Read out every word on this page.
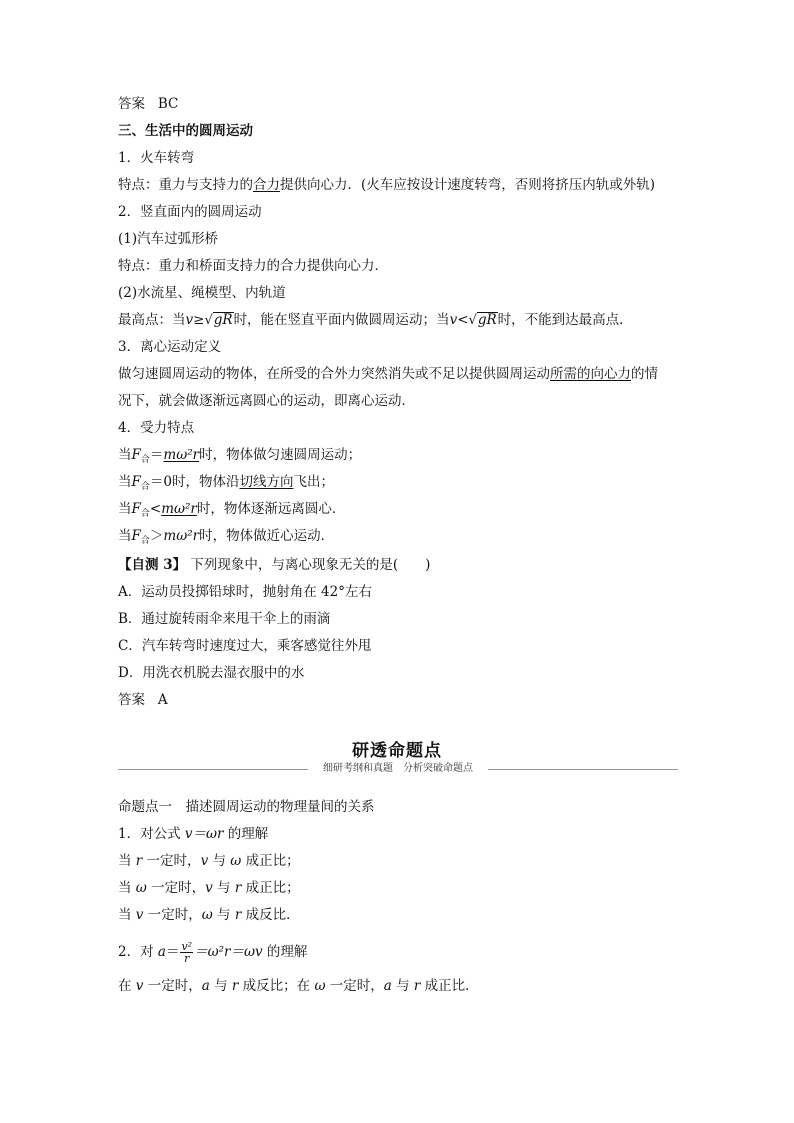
答案 BC

三、生活中的圆周运动

1．火车转弯

特点：重力与支持力的合力提供向心力．(火车应按设计速度转弯，否则将挤压内轨或外轨)

2．竖直面内的圆周运动

(1)汽车过弧形桥

特点：重力和桥面支持力的合力提供向心力．

(2)水流星、绳模型、内轨道

最高点：当v≥√gR时，能在竖直平面内做圆周运动；当v<√gR时，不能到达最高点．

3．离心运动定义

做匀速圆周运动的物体，在所受的合外力突然消失或不足以提供圆周运动所需的向心力的情

况下，就会做逐渐远离圆心的运动，即离心运动．

4．受力特点

当$F_合=m\omega^2r$时，物体做匀速圆周运动；

当$F_合=0$时，物体沿切线方向飞出；

当$F_合<m\omega^2r$时，物体逐渐远离圆心．

当$F_合>m\omega^2r$时，物体做近心运动．

【自测 3】 下列现象中，与离心现象无关的是(　　)

A．运动员投掷铅球时，抛射角在 42°左右

B．通过旋转雨伞来甩干伞上的雨滴

C．汽车转弯时速度过大，乘客感觉往外甩

D．用洗衣机脱去湿衣服中的水

答案 A

研透命题点
细研考纲和真题　分析突破命题点

命题点一　描述圆周运动的物理量间的关系

1．对公式 v＝ωr 的理解

当 r 一定时，v 与 ω 成正比；

当 ω 一定时，v 与 r 成正比；

当 v 一定时，ω 与 r 成反比．

2．对 $a= \frac{\text{v²}}{r} =\omega^2r=\omega v$ 的理解

在 v 一定时，a 与 r 成反比；在 ω 一定时，a 与 r 成正比．
